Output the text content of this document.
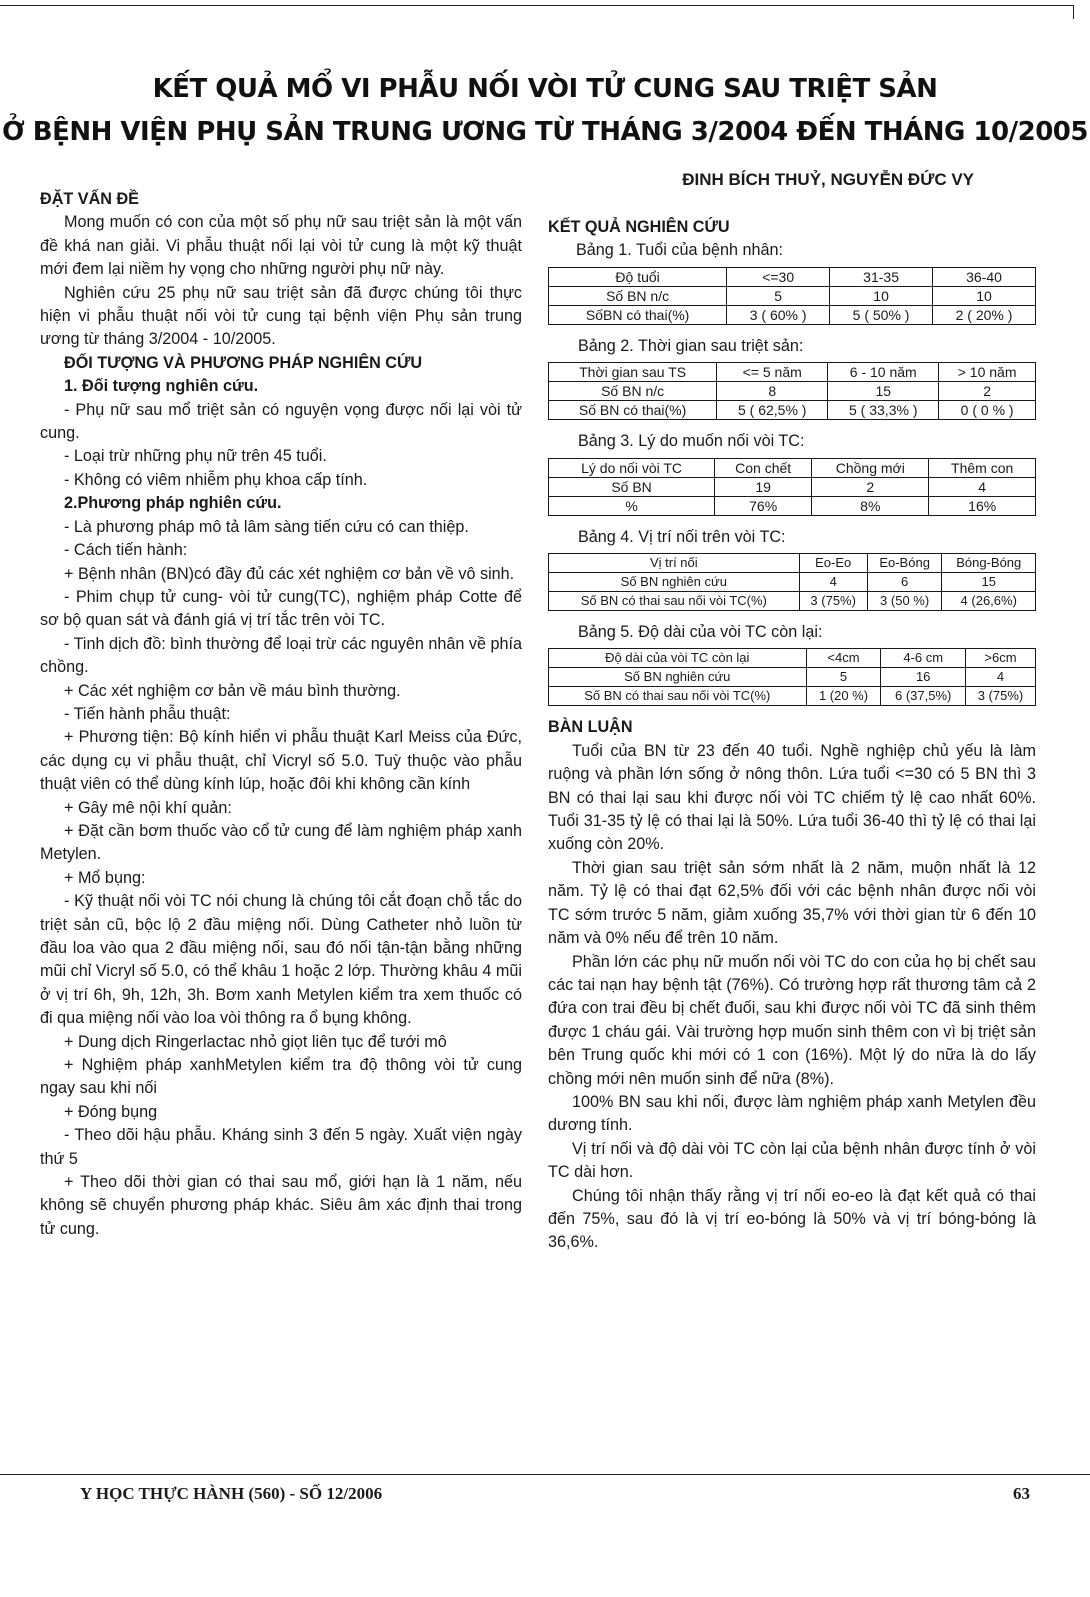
KẾT QUẢ MỔ VI PHẪU NỐI VÒI TỬ CUNG SAU TRIỆT SẢN
Ở BỆNH VIỆN PHỤ SẢN TRUNG ƯƠNG TỪ THÁNG 3/2004 ĐẾN THÁNG 10/2005
ĐINH BÍCH THUỶ, NGUYỄN ĐỨC VY

ĐẶT VẤN ĐỀ

Mong muốn có con của một số phụ nữ sau triệt sản là một vấn đề khá nan giải. Vi phẫu thuật nối lại vòi tử cung là một kỹ thuật mới đem lại niềm hy vọng cho những người phụ nữ này.

Nghiên cứu 25 phụ nữ sau triệt sản đã được chúng tôi thực hiện vi phẫu thuật nối vòi tử cung tại bệnh viện Phụ sản trung ương từ tháng 3/2004 - 10/2005.

ĐỐI TƯỢNG VÀ PHƯƠNG PHÁP NGHIÊN CỨU

1. Đối tượng nghiên cứu.

- Phụ nữ sau mổ triệt sản có nguyện vọng được nối lại vòi tử cung.

- Loại trừ những phụ nữ trên 45 tuổi.

- Không có viêm nhiễm phụ khoa cấp tính.

2.Phương pháp nghiên cứu.

- Là phương pháp mô tả lâm sàng tiến cứu có can thiệp.

- Cách tiến hành:

+ Bệnh nhân (BN)có đầy đủ các xét nghiệm cơ bản về vô sinh.

- Phim chụp tử cung- vòi tử cung(TC), nghiệm pháp Cotte để sơ bộ quan sát và đánh giá vị trí tắc trên vòi TC.

- Tinh dịch đồ: bình thường để loại trừ các nguyên nhân về phía chồng.

+ Các xét nghiệm cơ bản về máu bình thường.

- Tiến hành phẫu thuật:

+ Phương tiện: Bộ kính hiển vi phẫu thuật Karl Meiss của Đức, các dụng cụ vi phẫu thuật, chỉ Vicryl số 5.0. Tuỳ thuộc vào phẫu thuật viên có thể dùng kính lúp, hoặc đôi khi không cần kính

+ Gây mê nội khí quản:

+ Đặt cần bơm thuốc vào cổ tử cung để làm nghiệm pháp xanh Metylen.

+ Mổ bụng:

- Kỹ thuật nối vòi TC nói chung là chúng tôi cắt đoạn chỗ tắc do triệt sản cũ, bộc lộ 2 đầu miệng nối. Dùng Catheter nhỏ luồn từ đầu loa vào qua 2 đầu miệng nối, sau đó nối tận-tận bằng những mũi chỉ Vicryl số 5.0, có thể khâu 1 hoặc 2 lớp. Thường khâu 4 mũi ở vị trí 6h, 9h, 12h, 3h. Bơm xanh Metylen kiểm tra xem thuốc có đi qua miệng nối vào loa vòi thông ra ổ bụng không.

+ Dung dịch Ringerlactac nhỏ giọt liên tục để tưới mô

+ Nghiệm pháp xanhMetylen kiểm tra độ thông vòi tử cung ngay sau khi nối

+ Đóng bụng

- Theo dõi hậu phẫu. Kháng sinh 3 đến 5 ngày. Xuất viện ngày thứ 5

+ Theo dõi thời gian có thai sau mổ, giới hạn là 1 năm, nếu không sẽ chuyển phương pháp khác. Siêu âm xác định thai trong tử cung.

KẾT QUẢ NGHIÊN CỨU

Bảng 1. Tuổi của bệnh nhân:

Độ tuổi	<=30	31-35	36-40
Số BN n/c	5	10	10
SốBN có thai(%)	3 ( 60% )	5 ( 50% )	2 ( 20% )

Bảng 2. Thời gian sau triệt sản:

Thời gian sau TS	<= 5 năm	6 - 10 năm	> 10 năm
Số BN n/c	8	15	2
Số BN có thai(%)	5 ( 62,5% )	5 ( 33,3% )	0 ( 0 % )

Bảng 3. Lý do muốn nối vòi TC:

Lý do nối vòi TC	Con chết	Chồng mới	Thêm con
Số BN	19	2	4
%	76%	8%	16%

Bảng 4. Vị trí nối trên vòi TC:

Vị trí nối	Eo-Eo	Eo-Bóng	Bóng-Bóng
Số BN nghiên cứu	4	6	15
Số BN có thai sau nối vòi TC(%)	3 (75%)	3 (50 %)	4 (26,6%)

Bảng 5. Độ dài của vòi TC còn lại:

Độ dài của vòi TC còn lại	<4cm	4-6 cm	>6cm
Số BN nghiên cứu	5	16	4
Số BN có thai sau nối vòi TC(%)	1 (20 %)	6 (37,5%)	3 (75%)

BÀN LUẬN

Tuổi của BN từ 23 đến 40 tuổi. Nghề nghiệp chủ yếu là làm ruộng và phần lớn sống ở nông thôn. Lứa tuổi <=30 có 5 BN thì 3 BN có thai lại sau khi được nối vòi TC chiếm tỷ lệ cao nhất 60%. Tuổi 31-35 tỷ lệ có thai lại là 50%. Lứa tuổi 36-40 thì tỷ lệ có thai lại xuống còn 20%.

Thời gian sau triệt sản sớm nhất là 2 năm, muộn nhất là 12 năm. Tỷ lệ có thai đạt 62,5% đối với các bệnh nhân được nối vòi TC sớm trước 5 năm, giảm xuống 35,7% với thời gian từ 6 đến 10 năm và 0% nếu để trên 10 năm.

Phần lớn các phụ nữ muốn nối vòi TC do con của họ bị chết sau các tai nạn hay bệnh tật (76%). Có trường hợp rất thương tâm cả 2 đứa con trai đều bị chết đuối, sau khi được nối vòi TC đã sinh thêm được 1 cháu gái. Vài trường hợp muốn sinh thêm con vì bị triệt sản bên Trung quốc khi mới có 1 con (16%). Một lý do nữa là do lấy chồng mới nên muốn sinh để nữa (8%).

100% BN sau khi nối, được làm nghiệm pháp xanh Metylen đều dương tính.

Vị trí nối và độ dài vòi TC còn lại của bệnh nhân được tính ở vòi TC dài hơn.

Chúng tôi nhận thấy rằng vị trí nối eo-eo là đạt kết quả có thai đến 75%, sau đó là vị trí eo-bóng là 50% và vị trí bóng-bóng là 36,6%.

Y HỌC THỰC HÀNH (560) - SỐ 12/2006	63
